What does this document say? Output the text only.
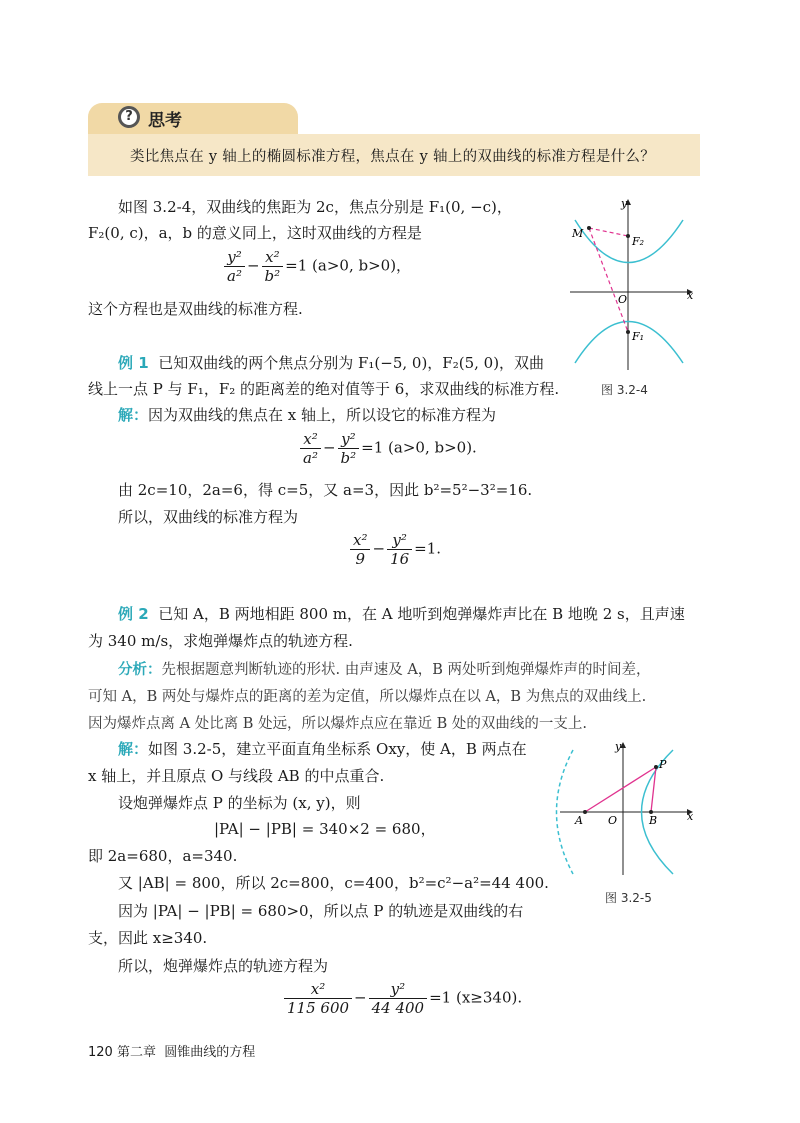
? 思考
类比焦点在 y 轴上的椭圆标准方程，焦点在 y 轴上的双曲线的标准方程是什么？
如图 3.2-4，双曲线的焦距为 2c，焦点分别是 F₁(0, −c)，
F₂(0, c)，a，b 的意义同上，这时双曲线的方程是
$\frac{\text{y²}}{\text{a²}} - \frac{\text{x²}}{\text{b²}} =1$ (a>0, b>0)，
这个方程也是双曲线的标准方程.
y
x
O
M
F₂
F₁
图 3.2-4
例 1 已知双曲线的两个焦点分别为 F₁(−5, 0)，F₂(5, 0)，双曲
线上一点 P 与 F₁，F₂ 的距离差的绝对值等于 6，求双曲线的标准方程.
解：因为双曲线的焦点在 x 轴上，所以设它的标准方程为
$\frac{\text{x²}}{\text{a²}} - \frac{\text{y²}}{\text{b²}} =1$ (a>0, b>0).
由 2c=10，2a=6，得 c=5，又 a=3，因此 b²=5²−3²=16.
所以，双曲线的标准方程为
$\frac{\text{x²}}{9} - \frac{\text{y²}}{16} =1$.
例 2 已知 A，B 两地相距 800 m，在 A 地听到炮弹爆炸声比在 B 地晚 2 s，且声速
为 340 m/s，求炮弹爆炸点的轨迹方程.
分析：先根据题意判断轨迹的形状. 由声速及 A，B 两处听到炮弹爆炸声的时间差，
可知 A，B 两处与爆炸点的距离的差为定值，所以爆炸点在以 A，B 为焦点的双曲线上.
因为爆炸点离 A 处比离 B 处远，所以爆炸点应在靠近 B 处的双曲线的一支上.
解：如图 3.2-5，建立平面直角坐标系 Oxy，使 A，B 两点在
x 轴上，并且原点 O 与线段 AB 的中点重合.
设炮弹爆炸点 P 的坐标为 (x, y)，则
|PA| − |PB| = 340×2 = 680，
即 2a=680，a=340.
又 |AB| = 800，所以 2c=800，c=400，b²=c²−a²=44 400.
因为 |PA| − |PB| = 680>0，所以点 P 的轨迹是双曲线的右
支，因此 x≥340.
所以，炮弹爆炸点的轨迹方程为
$\frac{\text{x²}}{115 600} - \frac{\text{y²}}{44 400} =1$ (x≥340).
y
x
O
A	B
P
图 3.2-5
120 第二章 圆锥曲线的方程
